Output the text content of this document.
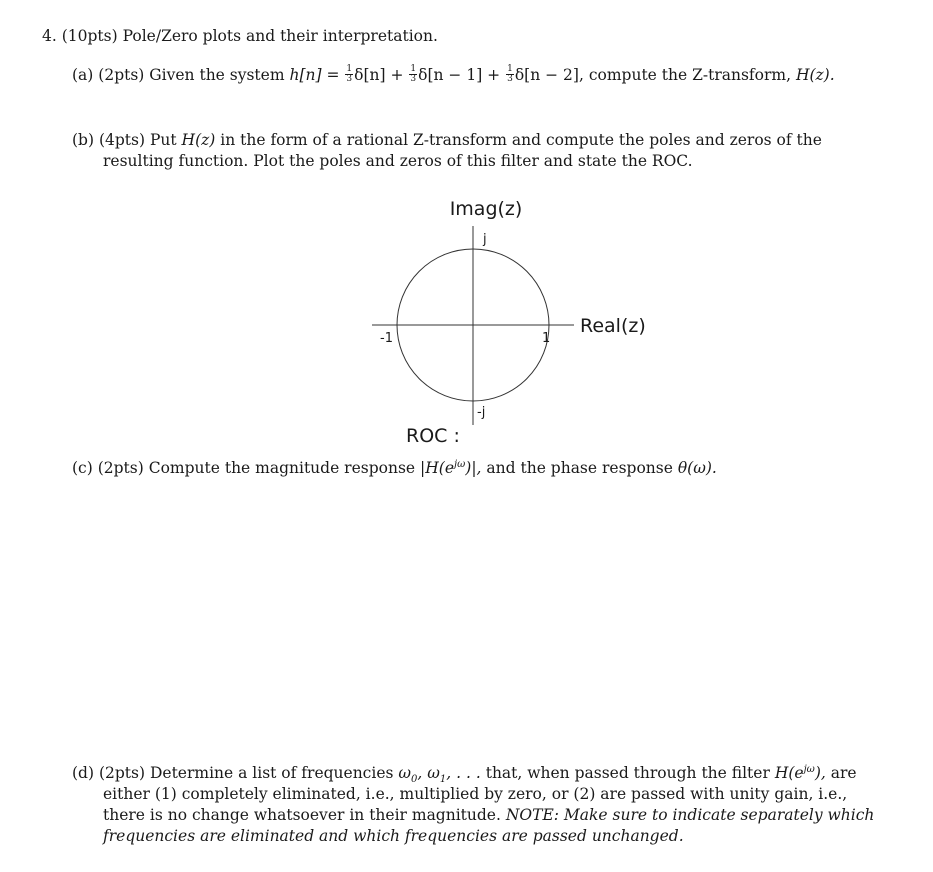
4. (10pts) Pole/Zero plots and their interpretation.
(a) (2pts) Given the system $h[n] = \frac{1}{3} \delta[n] + \frac{1}{3} \delta[n - 1] + \frac{1}{3} \delta[n - 2]$, compute the Z-transform, H(z).
(b) (4pts) Put H(z) in the form of a rational Z-transform and compute the poles and zeros of the
resulting function. Plot the poles and zeros of this filter and state the ROC.
Imag(z)
j
-j
1
-1
Real(z)
ROC :
(c) (2pts) Compute the magnitude response $|H(e^{j\omega})|$, and the phase response θ(ω).
(d) (2pts) Determine a list of frequencies $\omega_0$, $\omega_1$, . . . that, when passed through the filter $H(e^{j\omega})$, are
either (1) completely eliminated, i.e., multiplied by zero, or (2) are passed with unity gain, i.e.,
there is no change whatsoever in their magnitude. NOTE: Make sure to indicate separately which
frequencies are eliminated and which frequencies are passed unchanged.
